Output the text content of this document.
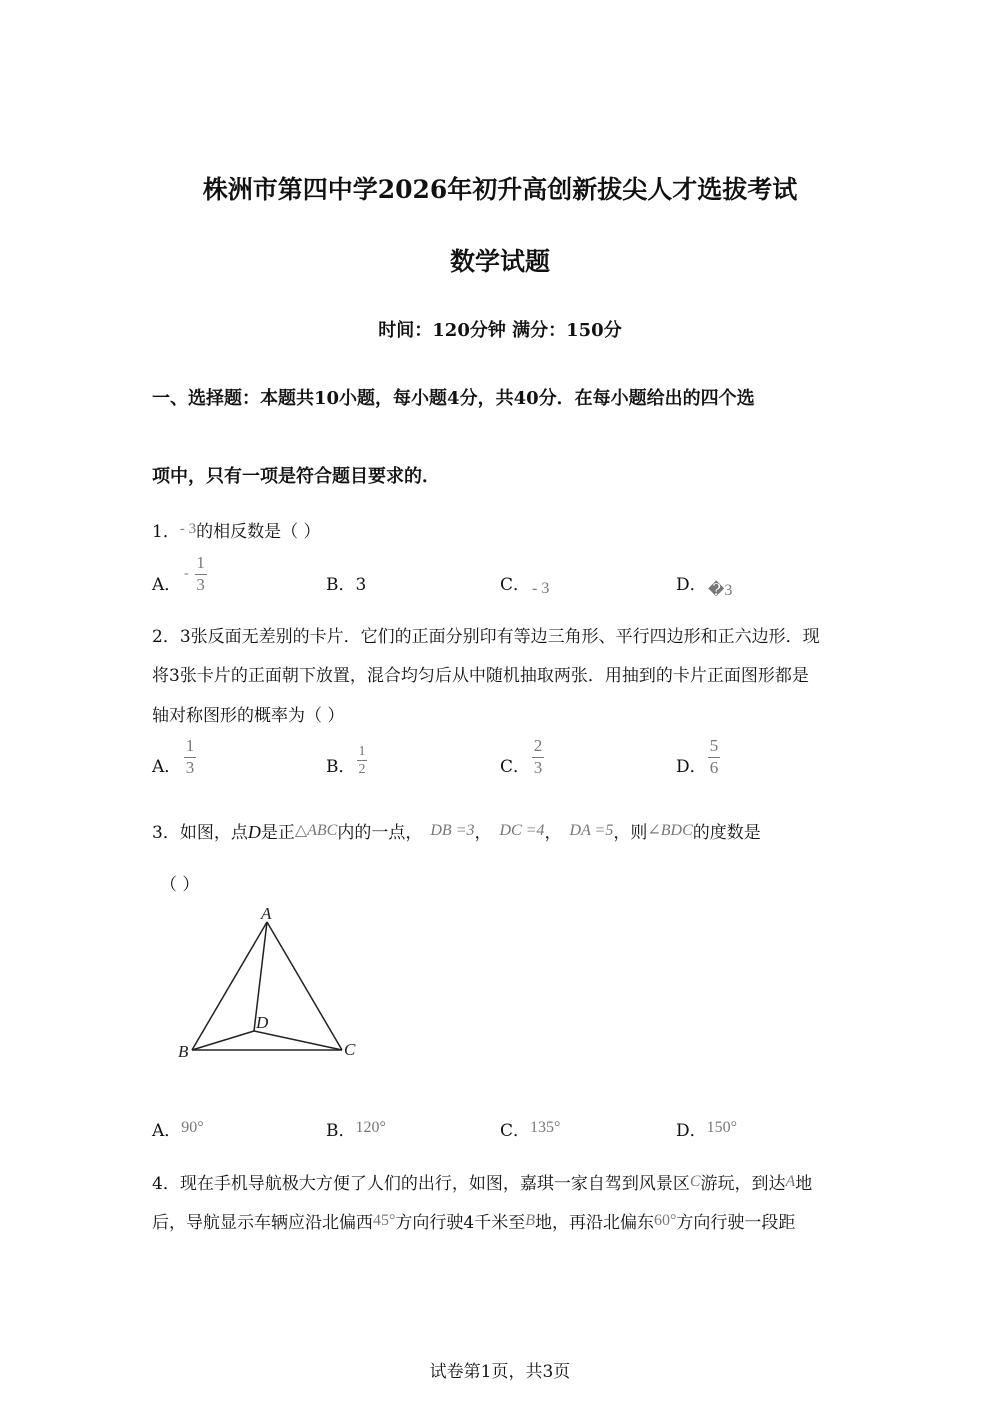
株洲市第四中学2026年初升高创新拔尖人才选拔考试
数学试题
时间：120分钟 满分：150分
一、选择题：本题共10小题，每小题4分，共40分．在每小题给出的四个选
项中，只有一项是符合题目要求的．
1．- 3的相反数是（ ）
A．
- $\frac{1}{3}$	B．3	C． - 3	D． �3
2．3张反面无差别的卡片．它们的正面分别印有等边三角形、平行四边形和正六边形．现
将3张卡片的正面朝下放置，混合均匀后从中随机抽取两张．用抽到的卡片正面图形都是
轴对称图形的概率为（ ）
A． $\frac{1}{3}$	B． $\frac{1}{2}$	C． $\frac{2}{3}$	D． $\frac{5}{6}$
3．如图，点D是正△ABC内的一点， DB =3， DC =4， DA =5，则∠BDC的度数是
（ ）
A
B	C
D
A．90°	B．120°	C．135°	D．150°
4．现在手机导航极大方便了人们的出行，如图，嘉琪一家自驾到风景区C游玩，到达A地
后，导航显示车辆应沿北偏西45°方向行驶4千米至B地，再沿北偏东60°方向行驶一段距
试卷第1页，共3页
